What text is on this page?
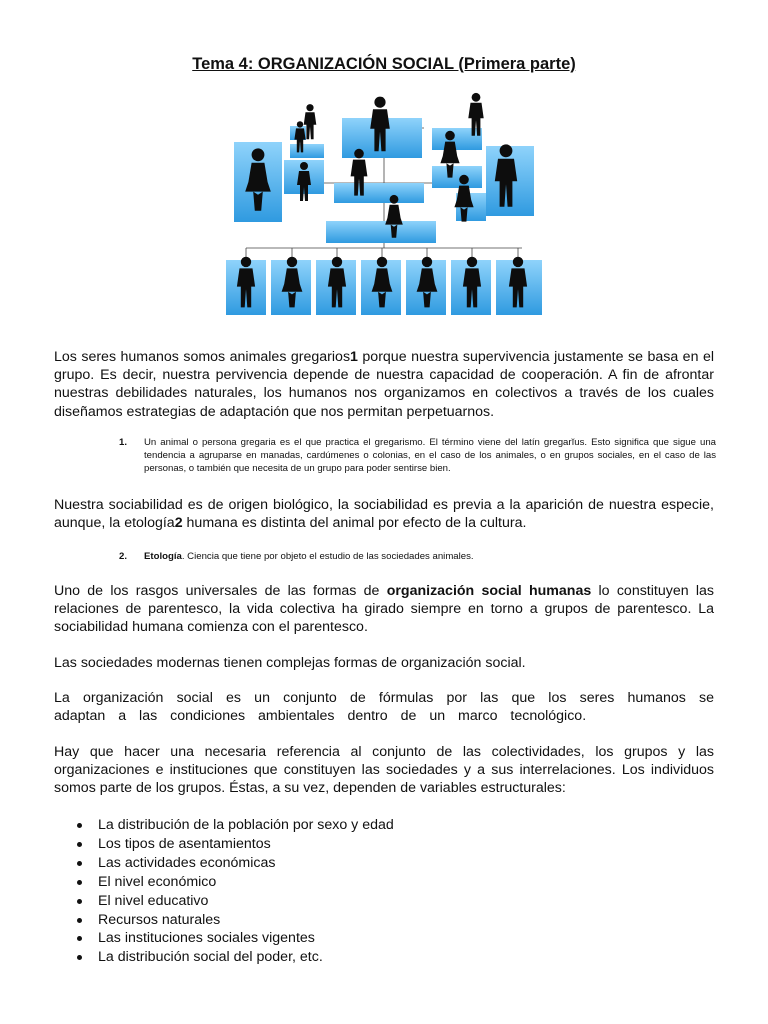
Tema 4: ORGANIZACIÓN SOCIAL (Primera parte)

Los seres humanos somos animales gregarios1 porque nuestra supervivencia justamente se basa en el grupo. Es decir, nuestra pervivencia depende de nuestra capacidad de cooperación. A fin de afrontar nuestras debilidades naturales, los humanos nos organizamos en colectivos a través de los cuales diseñamos estrategias de adaptación que nos permitan perpetuarnos.

1.	Un animal o persona gregaria es el que practica el gregarismo. El término viene del latín gregarĭus. Esto significa que sigue una tendencia a agruparse en manadas, cardúmenes o colonias, en el caso de los animales, o en grupos sociales, en el caso de las personas, o también que necesita de un grupo para poder sentirse bien.

Nuestra sociabilidad es de origen biológico, la sociabilidad es previa a la aparición de nuestra especie, aunque, la etología2 humana es distinta del animal por efecto de la cultura.

2.	Etología. Ciencia que tiene por objeto el estudio de las sociedades animales.

Uno de los rasgos universales de las formas de organización social humanas lo constituyen las relaciones de parentesco, la vida colectiva ha girado siempre en torno a grupos de parentesco. La sociabilidad humana comienza con el parentesco.

Las sociedades modernas tienen complejas formas de organización social.

La organización social es un conjunto de fórmulas por las que los seres humanos se adaptan a las condiciones ambientales dentro de un marco tecnológico.

Hay que hacer una necesaria referencia al conjunto de las colectividades, los grupos y las organizaciones e instituciones que constituyen las sociedades y a sus interrelaciones. Los individuos somos parte de los grupos. Éstas, a su vez, dependen de variables estructurales:

La distribución de la población por sexo y edad
Los tipos de asentamientos
Las actividades económicas
El nivel económico
El nivel educativo
Recursos naturales
Las instituciones sociales vigentes
La distribución social del poder, etc.
